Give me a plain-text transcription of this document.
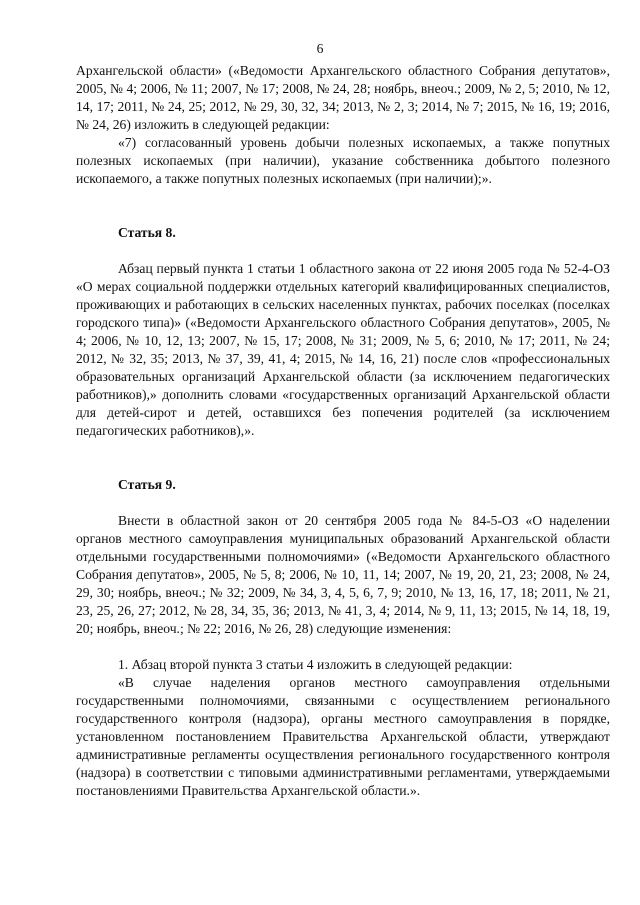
6

Архангельской области» («Ведомости Архангельского областного Собрания депутатов», 2005, № 4; 2006, № 11; 2007, № 17; 2008, № 24, 28; ноябрь, внеоч.; 2009, № 2, 5; 2010, № 12, 14, 17; 2011, № 24, 25; 2012, № 29, 30, 32, 34; 2013, № 2, 3; 2014, № 7; 2015, № 16, 19; 2016, № 24, 26) изложить в следующей редакции:

«7) согласованный уровень добычи полезных ископаемых, а также попутных полезных ископаемых (при наличии), указание собственника добытого полезного ископаемого, а также попутных полезных ископаемых (при наличии);».

Статья 8.

Абзац первый пункта 1 статьи 1 областного закона от 22 июня 2005 года № 52-4-ОЗ «О мерах социальной поддержки отдельных категорий квалифицированных специалистов, проживающих и работающих в сельских населенных пунктах, рабочих поселках (поселках городского типа)» («Ведомости Архангельского областного Собрания депутатов», 2005, № 4; 2006, № 10, 12, 13; 2007, № 15, 17; 2008, № 31; 2009, № 5, 6; 2010, № 17; 2011, № 24; 2012, № 32, 35; 2013, № 37, 39, 41, 4; 2015, № 14, 16, 21) после слов «профессиональных образовательных организаций Архангельской области (за исключением педагогических работников),» дополнить словами «государственных организаций Архангельской области для детей-сирот и детей, оставшихся без попечения родителей (за исключением педагогических работников),».

Статья 9.

Внести в областной закон от 20 сентября 2005 года № 84-5-ОЗ «О наделении органов местного самоуправления муниципальных образований Архангельской области отдельными государственными полномочиями» («Ведомости Архангельского областного Собрания депутатов», 2005, № 5, 8; 2006, № 10, 11, 14; 2007, № 19, 20, 21, 23; 2008, № 24, 29, 30; ноябрь, внеоч.; № 32; 2009, № 34, 3, 4, 5, 6, 7, 9; 2010, № 13, 16, 17, 18; 2011, № 21, 23, 25, 26, 27; 2012, № 28, 34, 35, 36; 2013, № 41, 3, 4; 2014, № 9, 11, 13; 2015, № 14, 18, 19, 20; ноябрь, внеоч.; № 22; 2016, № 26, 28) следующие изменения:

1. Абзац второй пункта 3 статьи 4 изложить в следующей редакции:

«В случае наделения органов местного самоуправления отдельными государственными полномочиями, связанными с осуществлением регионального государственного контроля (надзора), органы местного самоуправления в порядке, установленном постановлением Правительства Архангельской области, утверждают административные регламенты осуществления регионального государственного контроля (надзора) в соответствии с типовыми административными регламентами, утверждаемыми постановлениями Правительства Архангельской области.».
